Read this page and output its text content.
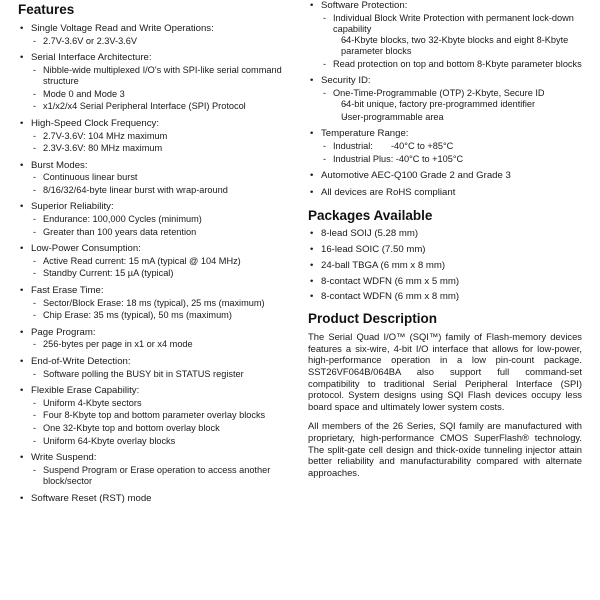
Features
• Single Voltage Read and Write Operations:
- 2.7V-3.6V or 2.3V-3.6V
• Serial Interface Architecture:
- Nibble-wide multiplexed I/O's with SPI-like serial command structure
- Mode 0 and Mode 3
- x1/x2/x4 Serial Peripheral Interface (SPI) Protocol
• High-Speed Clock Frequency:
- 2.7V-3.6V: 104 MHz maximum
- 2.3V-3.6V: 80 MHz maximum
• Burst Modes:
- Continuous linear burst
- 8/16/32/64-byte linear burst with wrap-around
• Superior Reliability:
- Endurance: 100,000 Cycles (minimum)
- Greater than 100 years data retention
• Low-Power Consumption:
- Active Read current: 15 mA (typical @ 104 MHz)
- Standby Current: 15 µA (typical)
• Fast Erase Time:
- Sector/Block Erase: 18 ms (typical), 25 ms (maximum)
- Chip Erase: 35 ms (typical), 50 ms (maximum)
• Page Program:
- 256-bytes per page in x1 or x4 mode
• End-of-Write Detection:
- Software polling the BUSY bit in STATUS register
• Flexible Erase Capability:
- Uniform 4-Kbyte sectors
- Four 8-Kbyte top and bottom parameter overlay blocks
- One 32-Kbyte top and bottom overlay block
- Uniform 64-Kbyte overlay blocks
• Write Suspend:
- Suspend Program or Erase operation to access another block/sector
• Software Reset (RST) mode
• Software Protection:
- Individual Block Write Protection with permanent lock-down capability
- 64-Kbyte blocks, two 32-Kbyte blocks and eight 8-Kbyte parameter blocks
- Read protection on top and bottom 8-Kbyte parameter blocks
• Security ID:
- One-Time-Programmable (OTP) 2-Kbyte, Secure ID
- 64-bit unique, factory pre-programmed identifier
- User-programmable area
• Temperature Range:
- Industrial: -40°C to +85°C
- Industrial Plus: -40°C to +105°C
• Automotive AEC-Q100 Grade 2 and Grade 3
• All devices are RoHS compliant
Packages Available
• 8-lead SOIJ (5.28 mm)
• 16-lead SOIC (7.50 mm)
• 24-ball TBGA (6 mm x 8 mm)
• 8-contact WDFN (6 mm x 5 mm)
• 8-contact WDFN (6 mm x 8 mm)
Product Description

The Serial Quad I/O™ (SQI™) family of Flash-memory devices features a six-wire, 4-bit I/O interface that allows for low-power, high-performance operation in a low pin-count package. SST26VF064B/064BA also support full command-set compatibility to traditional Serial Peripheral Interface (SPI) protocol. System designs using SQI Flash devices occupy less board space and ultimately lower system costs.

All members of the 26 Series, SQI family are manufactured with proprietary, high-performance CMOS SuperFlash® technology. The split-gate cell design and thick-oxide tunneling injector attain better reliability and manufacturability compared with alternate approaches.
